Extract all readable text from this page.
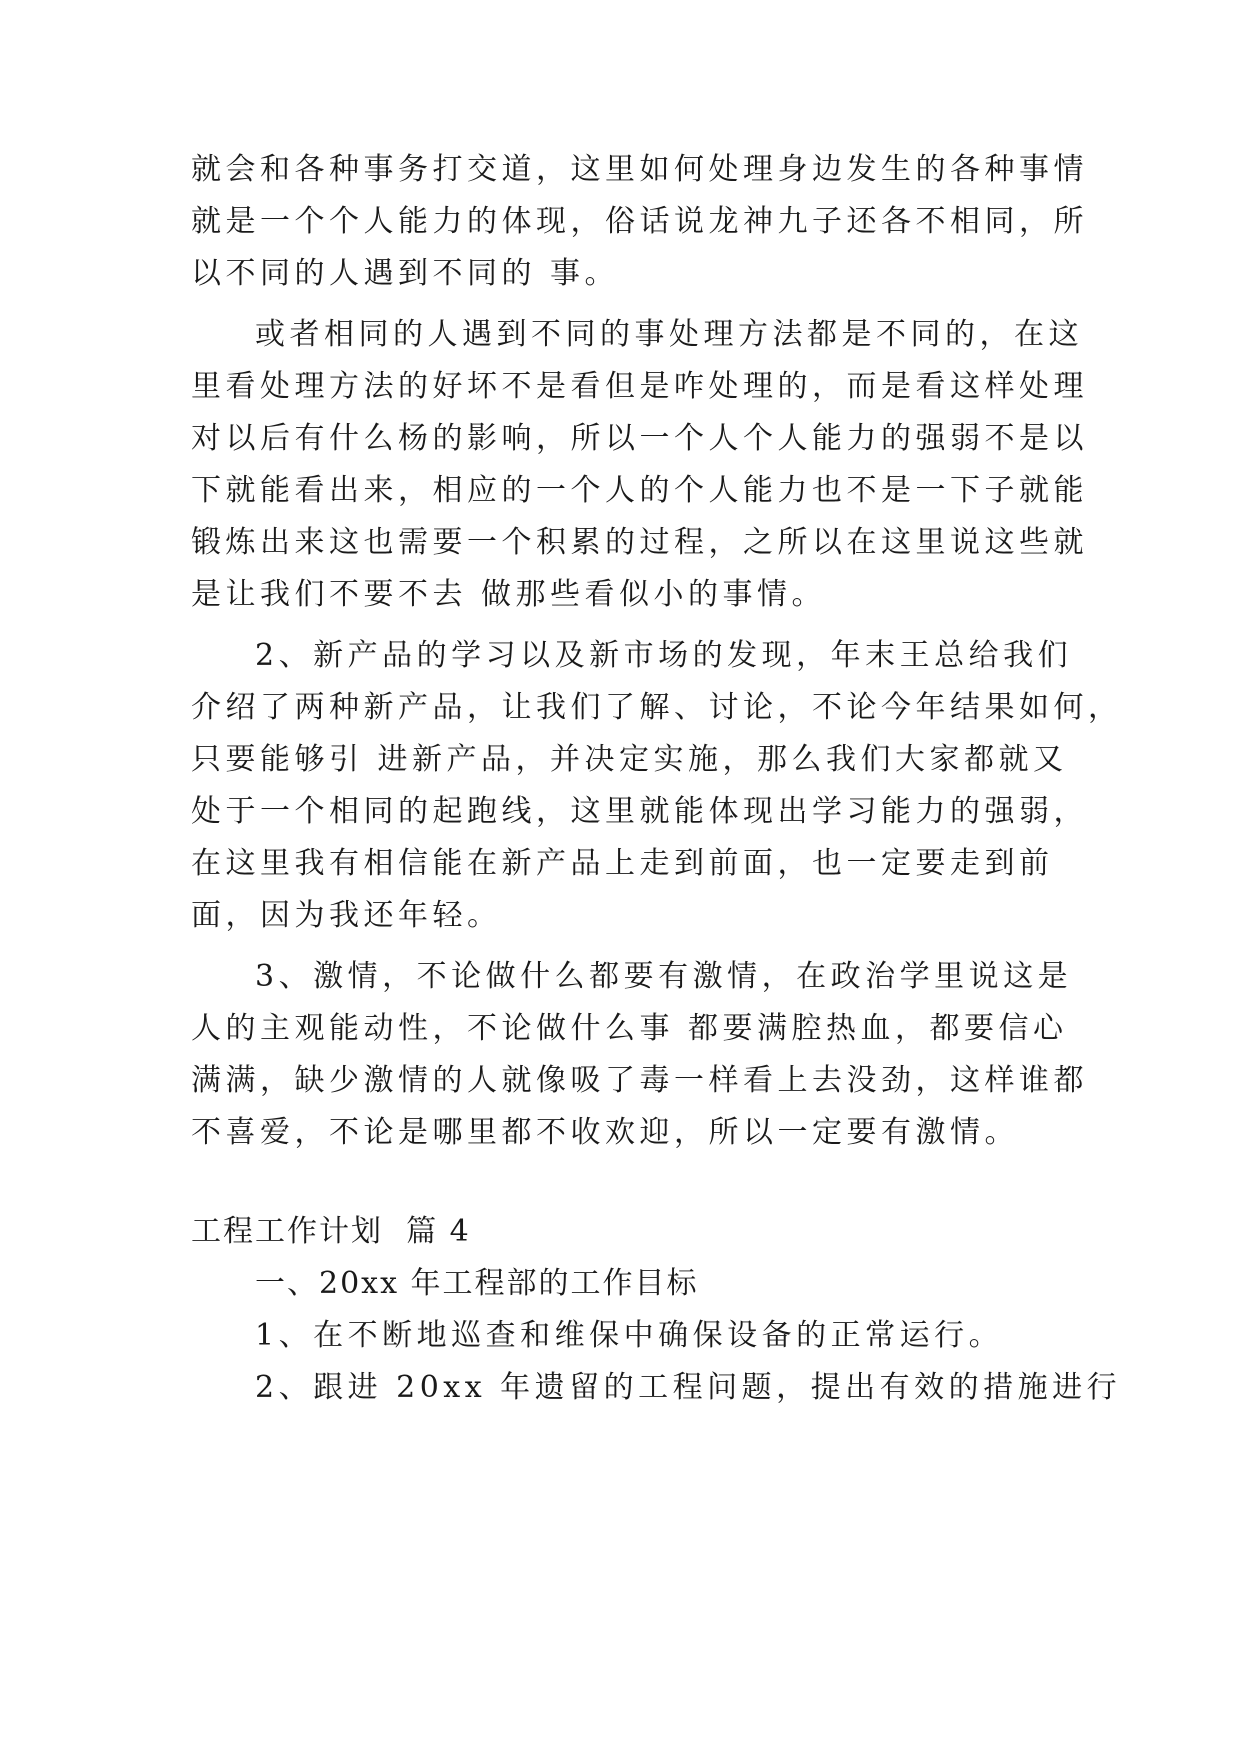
就会和各种事务打交道，这里如何处理身边发生的各种事情
就是一个个人能力的体现，俗话说龙神九子还各不相同，所
以不同的人遇到不同的 事。
或者相同的人遇到不同的事处理方法都是不同的，在这
里看处理方法的好坏不是看但是咋处理的，而是看这样处理
对以后有什么杨的影响，所以一个人个人能力的强弱不是以
下就能看出来，相应的一个人的个人能力也不是一下子就能
锻炼出来这也需要一个积累的过程，之所以在这里说这些就
是让我们不要不去 做那些看似小的事情。
2、新产品的学习以及新市场的发现，年末王总给我们
介绍了两种新产品，让我们了解、讨论，不论今年结果如何，
只要能够引 进新产品，并决定实施，那么我们大家都就又
处于一个相同的起跑线，这里就能体现出学习能力的强弱，
在这里我有相信能在新产品上走到前面，也一定要走到前
面，因为我还年轻。
3、激情，不论做什么都要有激情，在政治学里说这是
人的主观能动性，不论做什么事 都要满腔热血，都要信心
满满，缺少激情的人就像吸了毒一样看上去没劲，这样谁都
不喜爱，不论是哪里都不收欢迎，所以一定要有激情。
工程工作计划  篇 4
一、20xx 年工程部的工作目标
1、在不断地巡查和维保中确保设备的正常运行。
2、跟进 20xx 年遗留的工程问题，提出有效的措施进行
